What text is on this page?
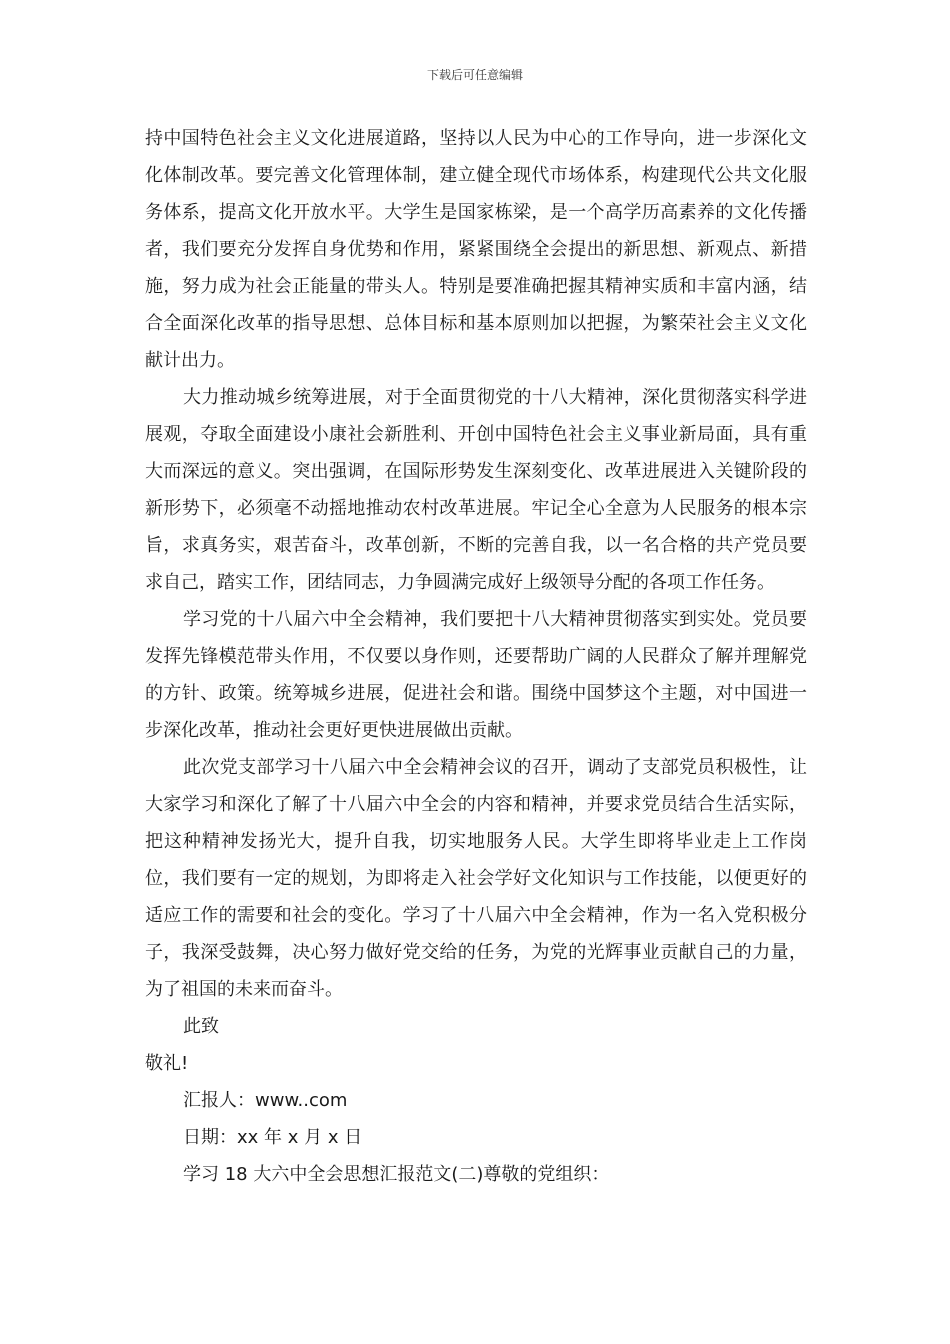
下载后可任意编辑

持中国特色社会主义文化进展道路，坚持以人民为中心的工作导向，进一步深化文化体制改革。要完善文化管理体制，建立健全现代市场体系，构建现代公共文化服务体系，提高文化开放水平。大学生是国家栋梁，是一个高学历高素养的文化传播者，我们要充分发挥自身优势和作用，紧紧围绕全会提出的新思想、新观点、新措施，努力成为社会正能量的带头人。特别是要准确把握其精神实质和丰富内涵，结合全面深化改革的指导思想、总体目标和基本原则加以把握，为繁荣社会主义文化献计出力。

大力推动城乡统筹进展，对于全面贯彻党的十八大精神，深化贯彻落实科学进展观，夺取全面建设小康社会新胜利、开创中国特色社会主义事业新局面，具有重大而深远的意义。突出强调，在国际形势发生深刻变化、改革进展进入关键阶段的新形势下，必须毫不动摇地推动农村改革进展。牢记全心全意为人民服务的根本宗旨，求真务实，艰苦奋斗，改革创新，不断的完善自我，以一名合格的共产党员要求自己，踏实工作，团结同志，力争圆满完成好上级领导分配的各项工作任务。

学习党的十八届六中全会精神，我们要把十八大精神贯彻落实到实处。党员要发挥先锋模范带头作用，不仅要以身作则，还要帮助广阔的人民群众了解并理解党的方针、政策。统筹城乡进展，促进社会和谐。围绕中国梦这个主题，对中国进一步深化改革，推动社会更好更快进展做出贡献。

此次党支部学习十八届六中全会精神会议的召开，调动了支部党员积极性，让大家学习和深化了解了十八届六中全会的内容和精神，并要求党员结合生活实际，把这种精神发扬光大，提升自我，切实地服务人民。大学生即将毕业走上工作岗位，我们要有一定的规划，为即将走入社会学好文化知识与工作技能，以便更好的适应工作的需要和社会的变化。学习了十八届六中全会精神，作为一名入党积极分子，我深受鼓舞，决心努力做好党交给的任务，为党的光辉事业贡献自己的力量，为了祖国的未来而奋斗。

此致

敬礼!

汇报人：www..com

日期：xx 年 x 月 x 日

学习 18 大六中全会思想汇报范文(二)尊敬的党组织：
